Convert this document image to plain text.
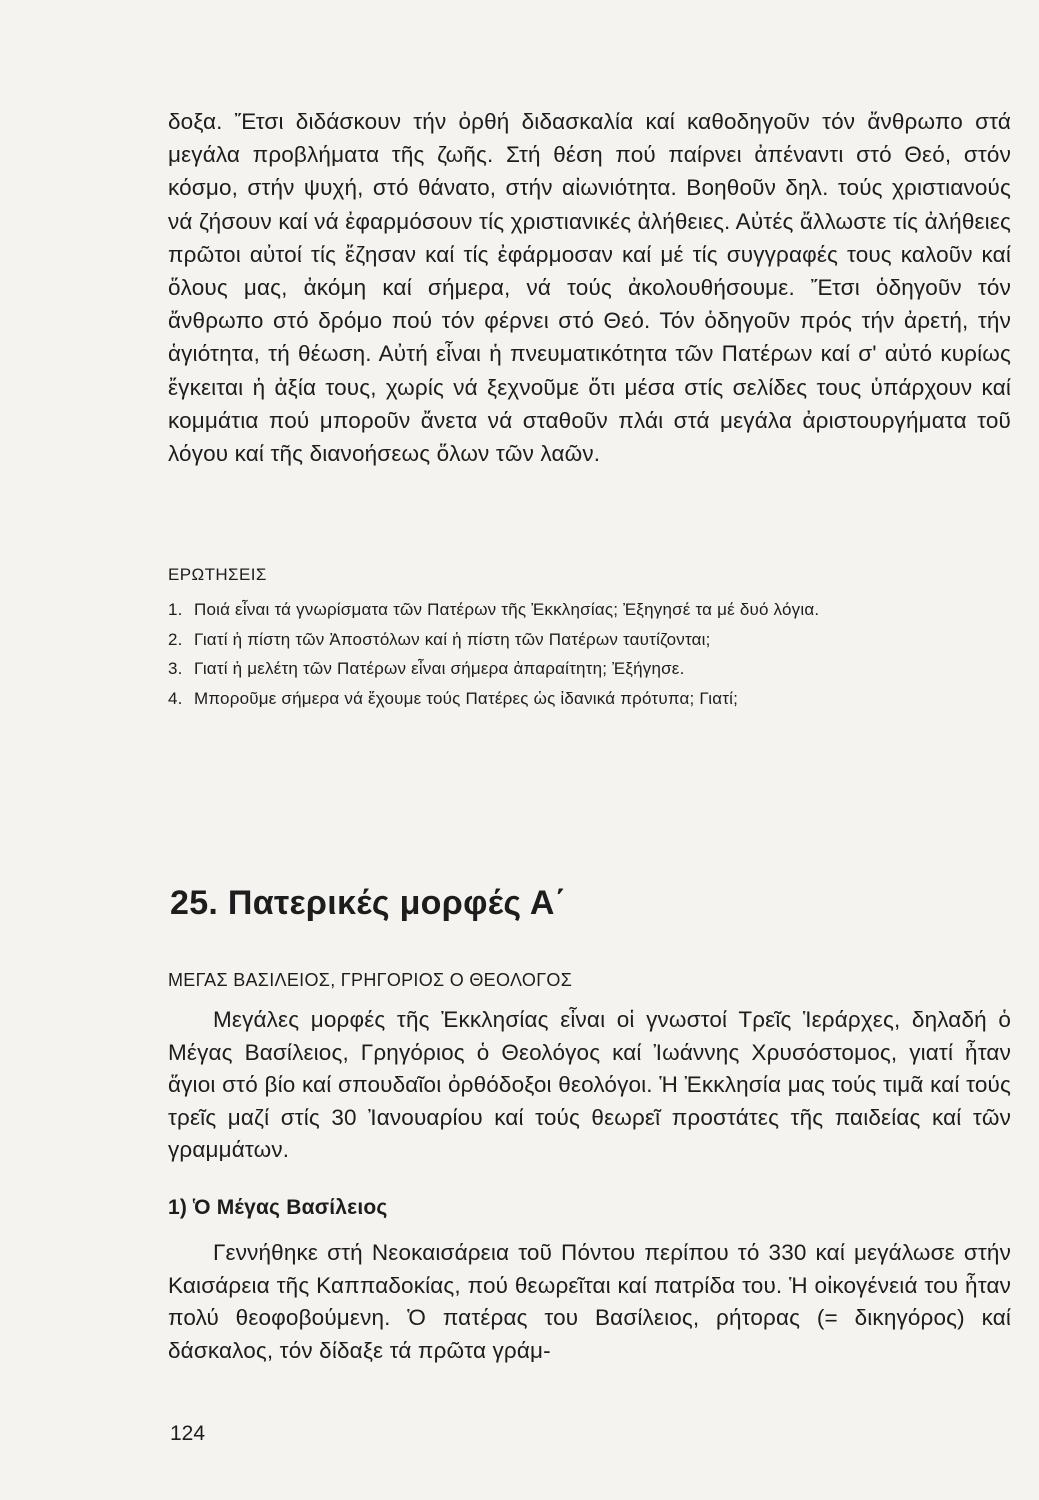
δοξα. Ἔτσι διδάσκουν τήν ὀρθή διδασκαλία καί καθοδηγοῦν τόν ἄνθρωπο στά μεγάλα προβλήματα τῆς ζωῆς. Στή θέση πού παίρνει ἀπέναντι στό Θεό, στόν κόσμο, στήν ψυχή, στό θάνατο, στήν αἰωνιότητα. Βοηθοῦν δηλ. τούς χριστιανούς νά ζήσουν καί νά ἐφαρμόσουν τίς χριστιανικές ἀλήθειες. Αὐτές ἄλλωστε τίς ἀλήθειες πρῶτοι αὐτοί τίς ἔζησαν καί τίς ἐφάρμοσαν καί μέ τίς συγγραφές τους καλοῦν καί ὅλους μας, ἀκόμη καί σήμερα, νά τούς ἀκολουθήσουμε. Ἔτσι ὁδηγοῦν τόν ἄνθρωπο στό δρόμο πού τόν φέρνει στό Θεό. Τόν ὁδηγοῦν πρός τήν ἀρετή, τήν ἁγιότητα, τή θέωση. Αὐτή εἶναι ἡ πνευματικότητα τῶν Πατέρων καί σ' αὐτό κυρίως ἔγκειται ἡ ἀξία τους, χωρίς νά ξεχνοῦμε ὅτι μέσα στίς σελίδες τους ὑπάρχουν καί κομμάτια πού μποροῦν ἄνετα νά σταθοῦν πλάι στά μεγάλα ἀριστουργήματα τοῦ λόγου καί τῆς διανοήσεως ὅλων τῶν λαῶν.

ΕΡΩΤΗΣΕΙΣ
1. Ποιά εἶναι τά γνωρίσματα τῶν Πατέρων τῆς Ἐκκλησίας; Ἐξηγησέ τα μέ δυό λόγια.
2. Γιατί ἡ πίστη τῶν Ἀποστόλων καί ἡ πίστη τῶν Πατέρων ταυτίζονται;
3. Γιατί ἡ μελέτη τῶν Πατέρων εἶναι σήμερα ἀπαραίτητη; Ἐξήγησε.
4. Μποροῦμε σήμερα νά ἔχουμε τούς Πατέρες ὡς ἰδανικά πρότυπα; Γιατί;
25. Πατερικές μορφές Α΄
ΜΕΓΑΣ ΒΑΣΙΛΕΙΟΣ, ΓΡΗΓΟΡΙΟΣ Ο ΘΕΟΛΟΓΟΣ

Μεγάλες μορφές τῆς Ἐκκλησίας εἶναι οἱ γνωστοί Τρεῖς Ἱεράρχες, δηλαδή ὁ Μέγας Βασίλειος, Γρηγόριος ὁ Θεολόγος καί Ἰωάννης Χρυσόστομος, γιατί ἦταν ἅγιοι στό βίο καί σπουδαῖοι ὀρθόδοξοι θεολόγοι. Ἡ Ἐκκλησία μας τούς τιμᾶ καί τούς τρεῖς μαζί στίς 30 Ἰανουαρίου καί τούς θεωρεῖ προστάτες τῆς παιδείας καί τῶν γραμμάτων.

1) Ὁ Μέγας Βασίλειος

Γεννήθηκε στή Νεοκαισάρεια τοῦ Πόντου περίπου τό 330 καί μεγάλωσε στήν Καισάρεια τῆς Καππαδοκίας, πού θεωρεῖται καί πατρίδα του. Ἡ οἰκογένειά του ἦταν πολύ θεοφοβούμενη. Ὁ πατέρας του Βασίλειος, ρήτορας (= δικηγόρος) καί δάσκαλος, τόν δίδαξε τά πρῶτα γράμ-

124
